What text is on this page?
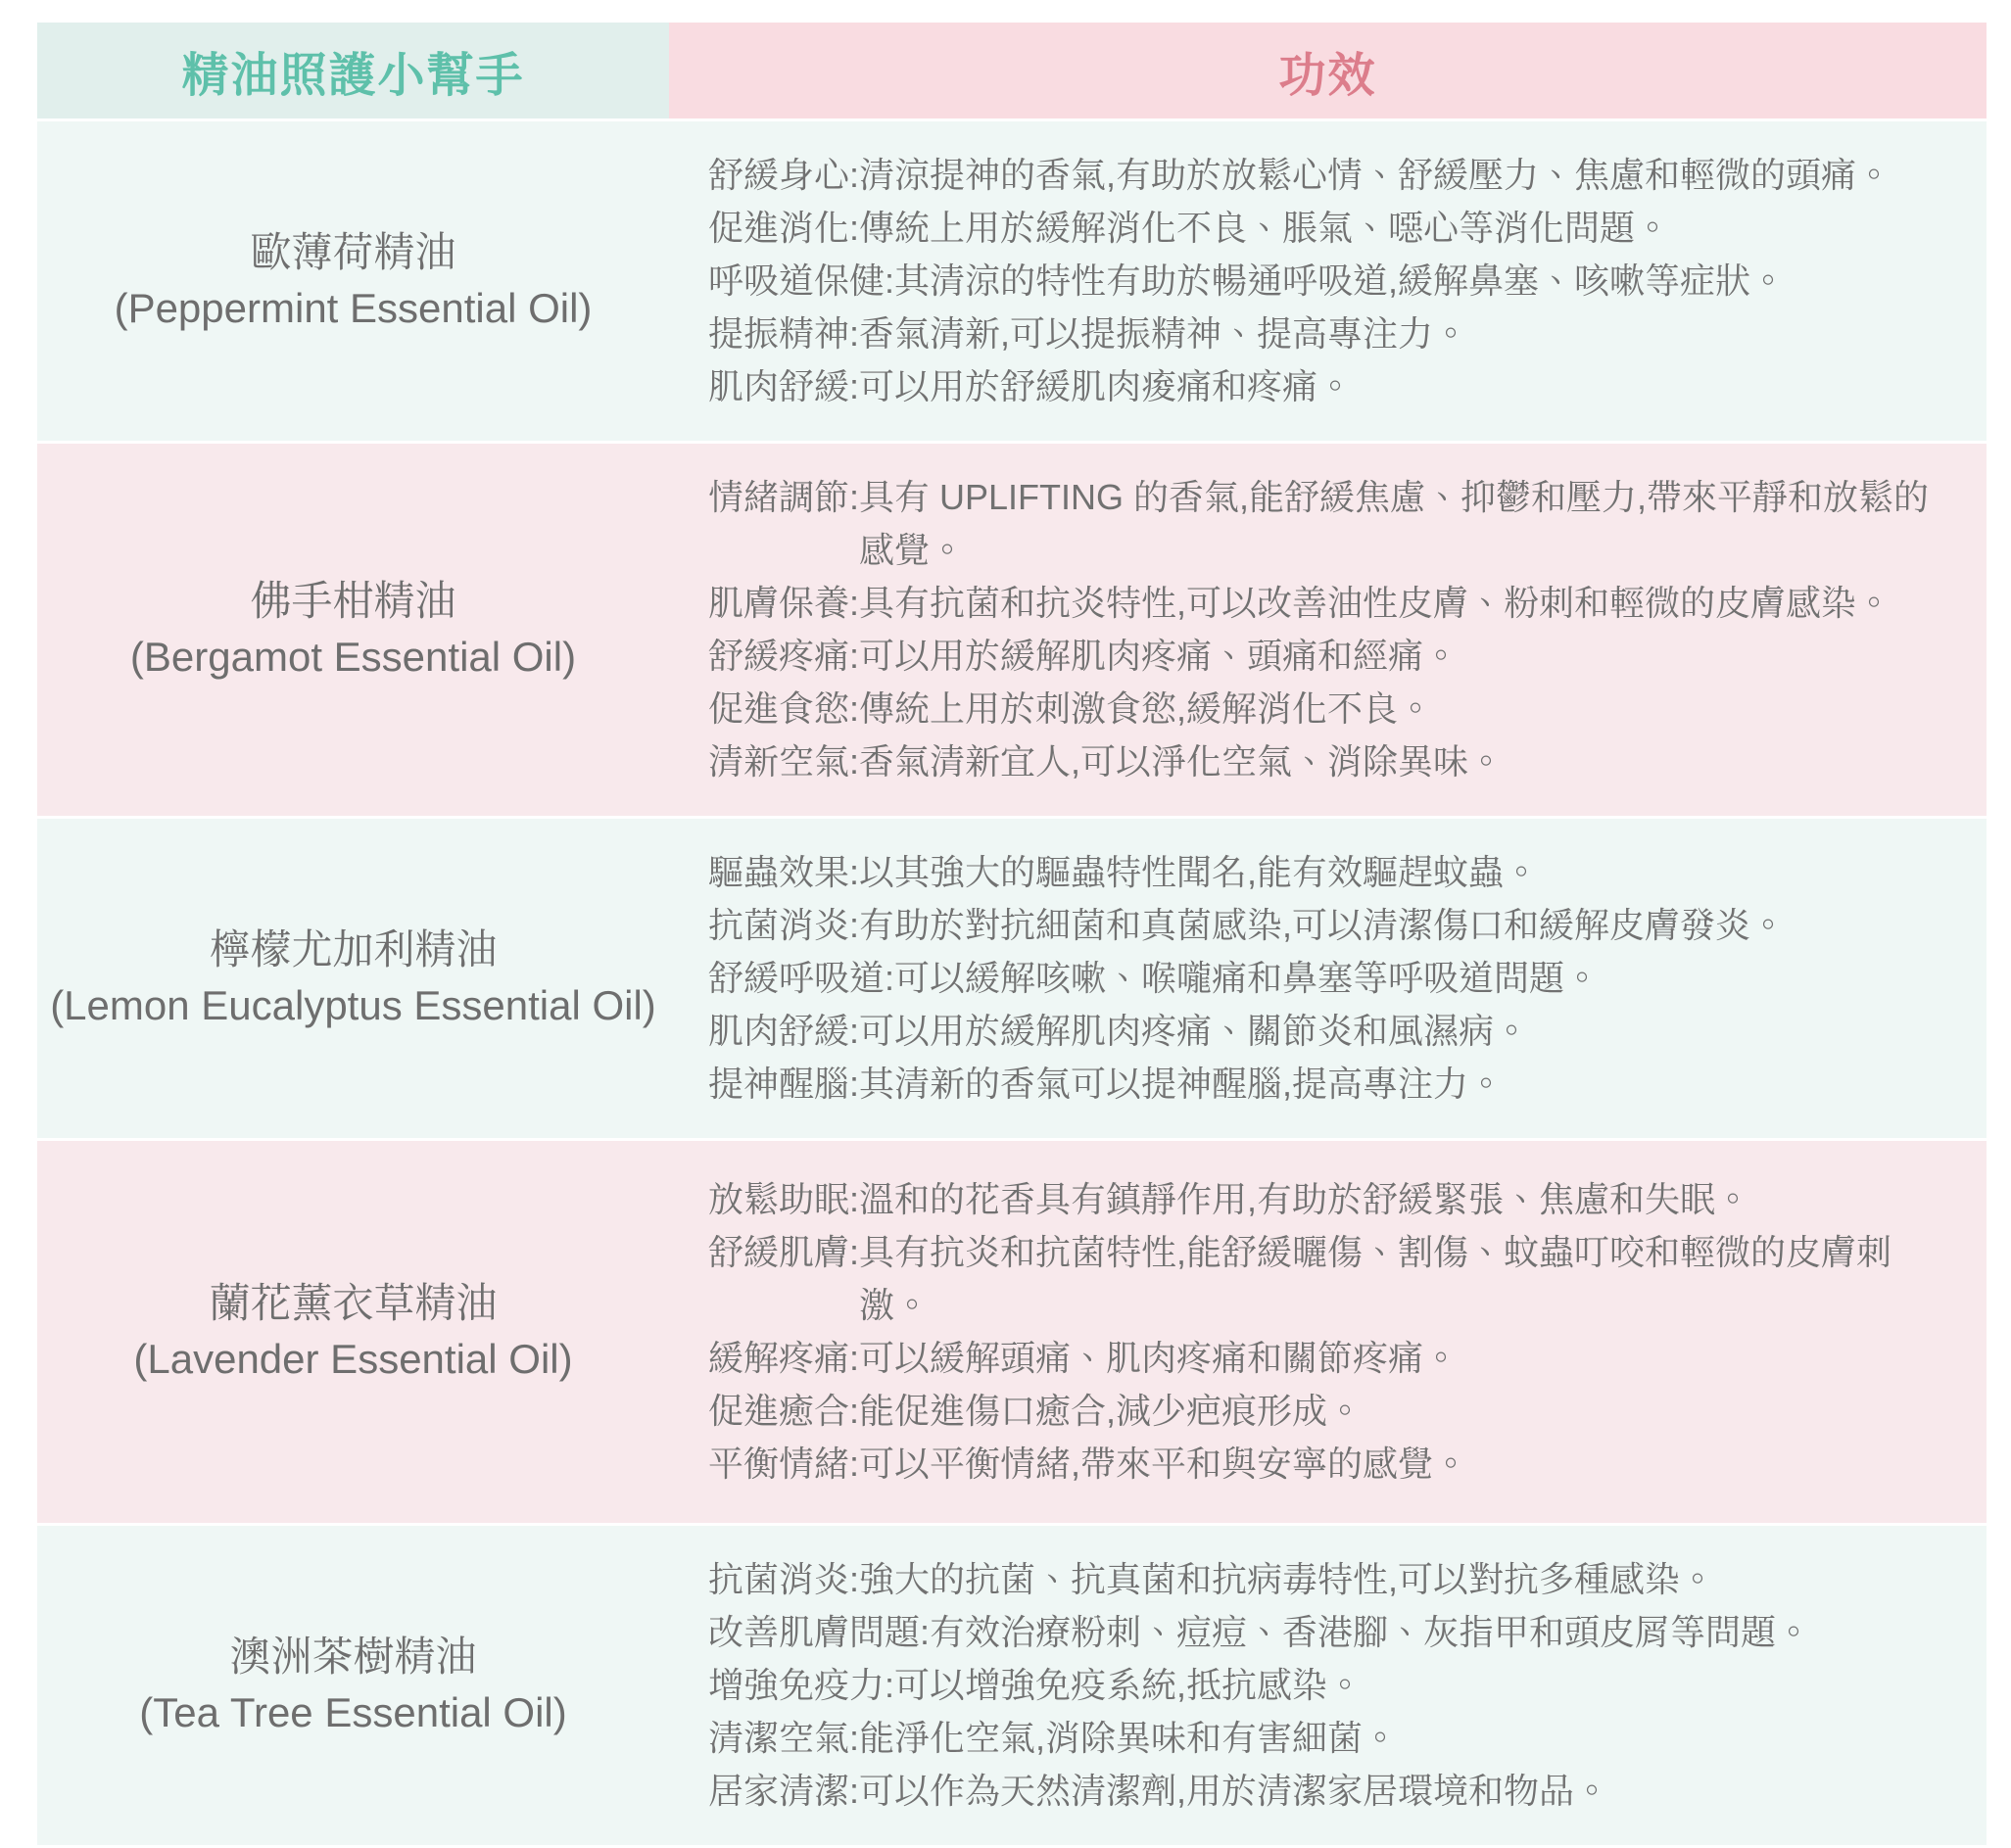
精油照護小幫手	功效
歐薄荷精油
(Peppermint Essential Oil)
舒緩身心: 清涼提神的香氣,有助於放鬆心情、舒緩壓力、焦慮和輕微的頭痛。
促進消化: 傳統上用於緩解消化不良、脹氣、噁心等消化問題。
呼吸道保健: 其清涼的特性有助於暢通呼吸道,緩解鼻塞、咳嗽等症狀。
提振精神: 香氣清新,可以提振精神、提高專注力。
肌肉舒緩: 可以用於舒緩肌肉痠痛和疼痛。
佛手柑精油
(Bergamot Essential Oil)
情緒調節: 具有 UPLIFTING 的香氣,能舒緩焦慮、抑鬱和壓力,帶來平靜和放鬆的感覺。
肌膚保養: 具有抗菌和抗炎特性,可以改善油性皮膚、粉刺和輕微的皮膚感染。
舒緩疼痛: 可以用於緩解肌肉疼痛、頭痛和經痛。
促進食慾: 傳統上用於刺激食慾,緩解消化不良。
清新空氣: 香氣清新宜人,可以淨化空氣、消除異味。
檸檬尤加利精油
(Lemon Eucalyptus Essential Oil)
驅蟲效果: 以其強大的驅蟲特性聞名,能有效驅趕蚊蟲。
抗菌消炎: 有助於對抗細菌和真菌感染,可以清潔傷口和緩解皮膚發炎。
舒緩呼吸道: 可以緩解咳嗽、喉嚨痛和鼻塞等呼吸道問題。
肌肉舒緩: 可以用於緩解肌肉疼痛、關節炎和風濕病。
提神醒腦: 其清新的香氣可以提神醒腦,提高專注力。
蘭花薰衣草精油
(Lavender Essential Oil)
放鬆助眠: 溫和的花香具有鎮靜作用,有助於舒緩緊張、焦慮和失眠。
舒緩肌膚: 具有抗炎和抗菌特性,能舒緩曬傷、割傷、蚊蟲叮咬和輕微的皮膚刺激。
緩解疼痛: 可以緩解頭痛、肌肉疼痛和關節疼痛。
促進癒合: 能促進傷口癒合,減少疤痕形成。
平衡情緒: 可以平衡情緒,帶來平和與安寧的感覺。
澳洲茶樹精油
(Tea Tree Essential Oil)
抗菌消炎: 強大的抗菌、抗真菌和抗病毒特性,可以對抗多種感染。
改善肌膚問題: 有效治療粉刺、痘痘、香港腳、灰指甲和頭皮屑等問題。
增強免疫力: 可以增強免疫系統,抵抗感染。
清潔空氣: 能淨化空氣,消除異味和有害細菌。
居家清潔: 可以作為天然清潔劑,用於清潔家居環境和物品。
